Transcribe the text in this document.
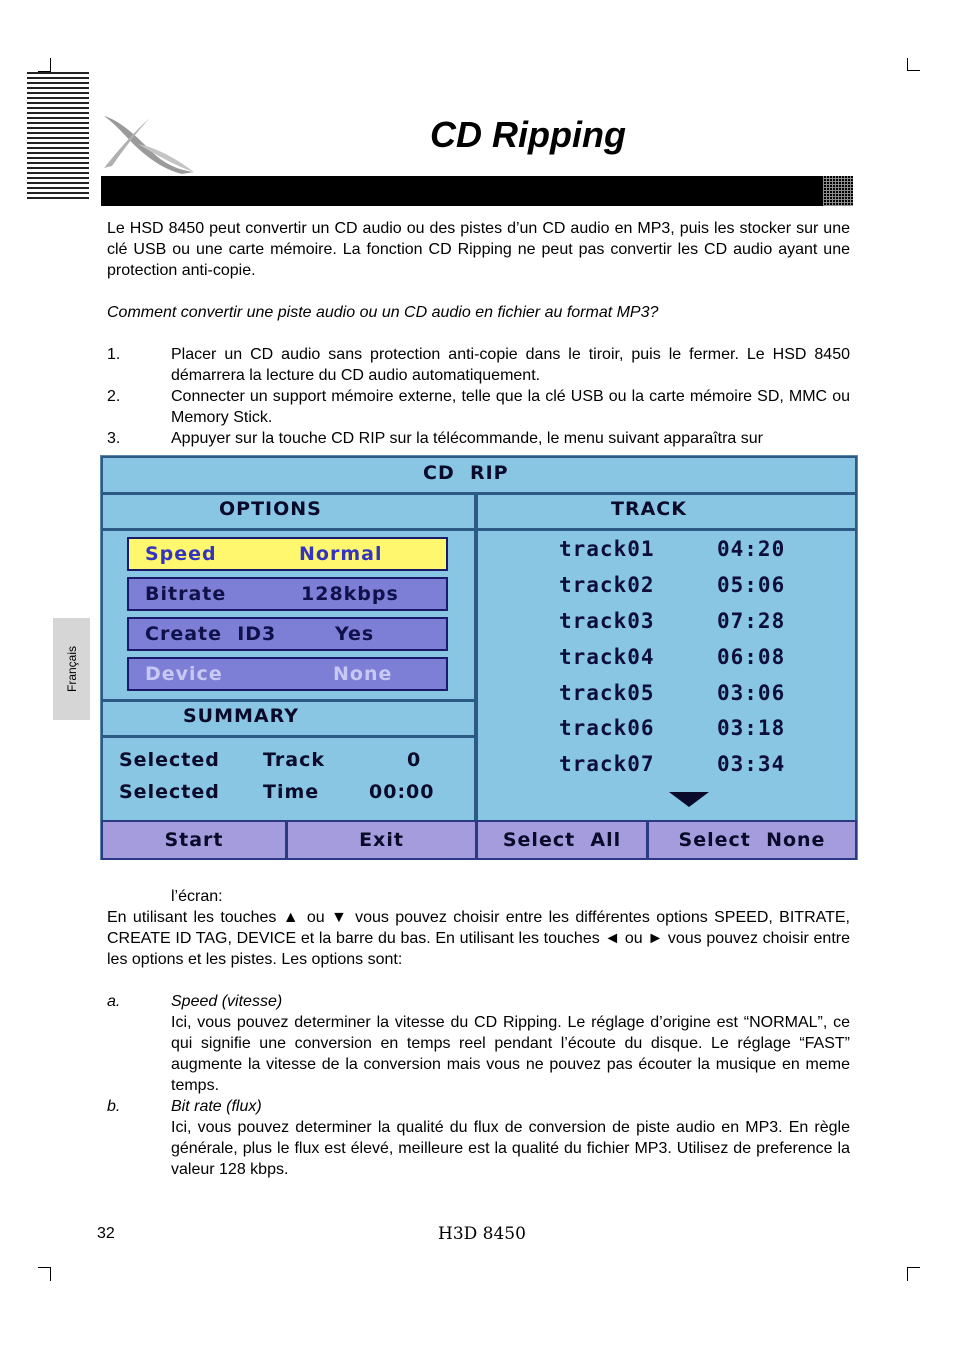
CD Ripping
Le HSD 8450 peut convertir un CD audio ou des pistes d’un CD audio en MP3, puis les stocker sur une clé USB ou une carte mémoire. La fonction CD Ripping ne peut pas convertir les CD audio ayant une protection anti-copie.
Comment convertir une piste audio ou un CD audio en fichier au format MP3?
1.	Placer un CD audio sans protection anti-copie dans le tiroir, puis le fermer. Le HSD 8450 démarrera la lecture du CD audio automatiquement.
2.	Connecter un support mémoire externe, telle que la clé USB ou la carte mémoire SD, MMC ou Memory Stick.
3.	Appuyer sur la touche CD RIP sur la télécommande, le menu suivant apparaîtra sur
Français
CD  RIP
OPTIONS	TRACK
Speed	Normal
Bitrate	128kbps
Create  ID3	Yes
Device	None
SUMMARY
Selected Track	0
Selected Time	00:00
track01	04:20
track02	05:06
track03	07:28
track04	06:08
track05	03:06
track06	03:18
track07	03:34
Start	Exit	Select  All	Select  None
l’écran:
En utilisant les touches ▲ ou ▼ vous pouvez choisir entre les différentes options SPEED, BITRATE, CREATE ID TAG, DEVICE et la barre du bas. En utilisant les touches ◄ ou ► vous pouvez choisir entre les options et les pistes. Les options sont:
a.	Speed (vitesse)
Ici, vous pouvez determiner la vitesse du CD Ripping. Le réglage d’origine est “NORMAL”, ce qui signifie une conversion en temps reel pendant l’écoute du disque. Le réglage “FAST” augmente la vitesse de la conversion mais vous ne pouvez pas écouter la musique en meme temps.
b.	Bit rate (flux)
Ici, vous pouvez determiner la qualité du flux de conversion de piste audio en MP3. En règle générale, plus le flux est élevé, meilleure est la qualité du fichier MP3. Utilisez de preference la valeur 128 kbps.
32	H3D 8450
